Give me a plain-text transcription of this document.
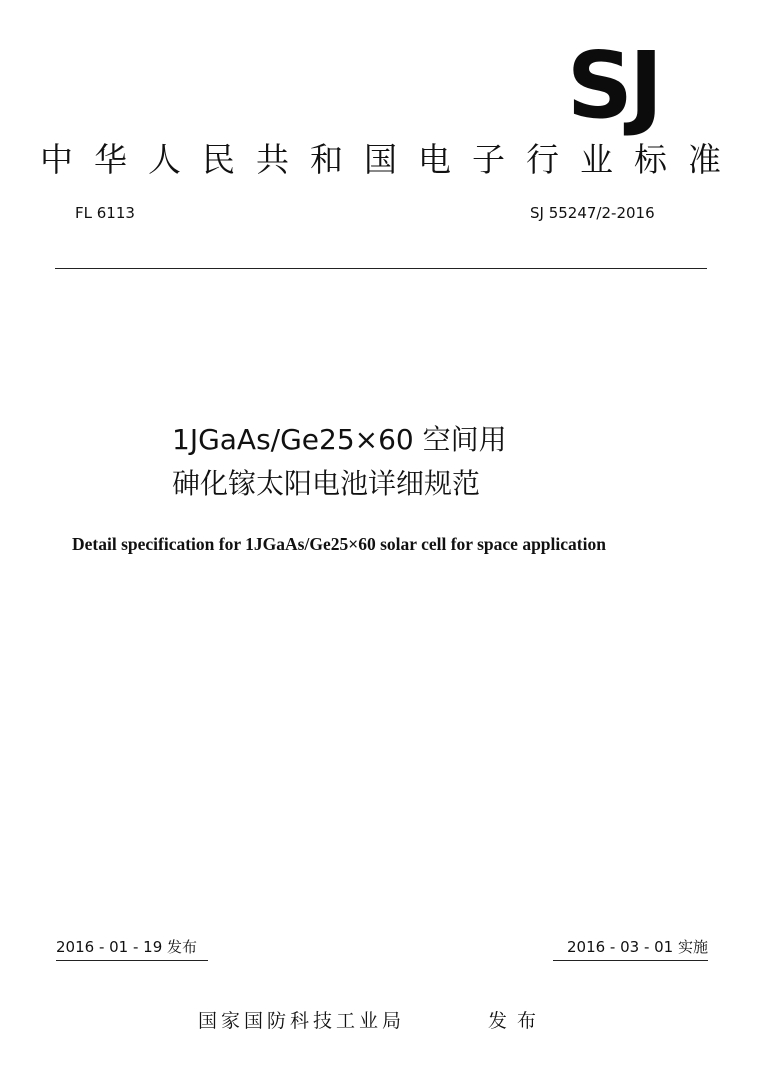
SJ
中华人民共和国电子行业标准
FL 6113	SJ 55247/2-2016
1JGaAs/Ge25×60 空间用
砷化镓太阳电池详细规范
Detail specification for 1JGaAs/Ge25×60 solar cell for space application
2016 - 01 - 19 发布	2016 - 03 - 01 实施
国家国防科技工业局	发布
